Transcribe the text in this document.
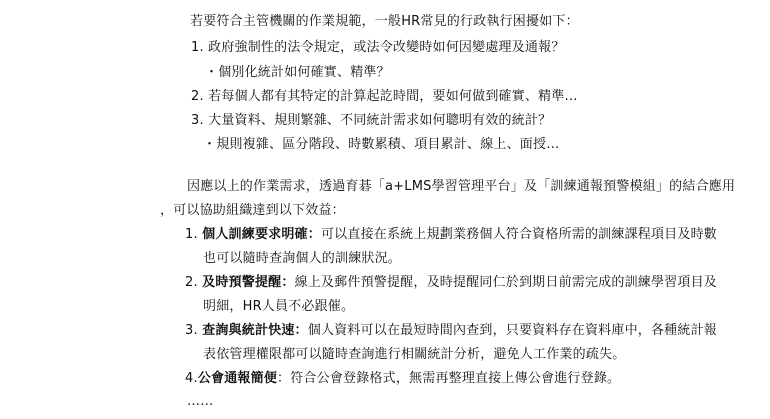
若要符合主管機關的作業規範，一般HR常見的行政執行困擾如下：
1. 政府強制性的法令規定，或法令改變時如何因變處理及通報？
・個別化統計如何確實、精準？
2. 若每個人都有其特定的計算起訖時間，要如何做到確實、精準…
3. 大量資料、規則繁雜、不同統計需求如何聰明有效的統計？
・規則複雜、區分階段、時數累積、項目累計、線上、面授…
因應以上的作業需求，透過育碁「a+LMS學習管理平台」及「訓練通報預警模組」的結合應用
，可以協助組織達到以下效益：
1. 個人訓練要求明確：可以直接在系統上規劃業務個人符合資格所需的訓練課程項目及時數
也可以隨時查詢個人的訓練狀況。
2. 及時預警提醒：線上及郵件預警提醒，及時提醒同仁於到期日前需完成的訓練學習項目及
明細，HR人員不必跟催。
3. 查詢與統計快速：個人資料可以在最短時間內查到，只要資料存在資料庫中，各種統計報
表依管理權限都可以隨時查詢進行相關統計分析，避免人工作業的疏失。
4.公會通報簡便：符合公會登錄格式，無需再整理直接上傳公會進行登錄。
……
